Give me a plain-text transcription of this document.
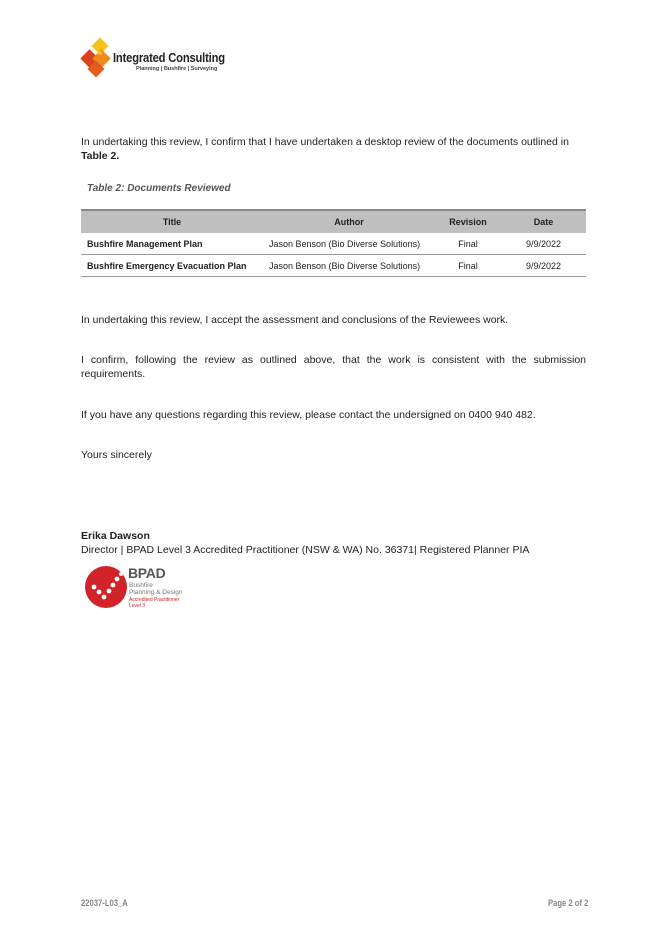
Integrated Consulting
Planning | Bushfire | Surveying
In undertaking this review, I confirm that I have undertaken a desktop review of the documents outlined in Table 2.
Table 2: Documents Reviewed
Title	Author	Revision	Date
Bushfire Management Plan	Jason Benson (Bio Diverse Solutions)	Final	9/9/2022
Bushfire Emergency Evacuation Plan	Jason Benson (Bio Diverse Solutions)	Final	9/9/2022
In undertaking this review, I accept the assessment and conclusions of the Reviewees work.
I confirm, following the review as outlined above, that the work is consistent with the submission requirements.
If you have any questions regarding this review, please contact the undersigned on 0400 940 482.
Yours sincerely
Erika Dawson
Director | BPAD Level 3 Accredited Practitioner (NSW & WA) No. 36371| Registered Planner PIA
BPAD
Bushfire
Planning & Design
Accredited Practitioner
Level 3
22037-L03_A	Page 2 of 2
